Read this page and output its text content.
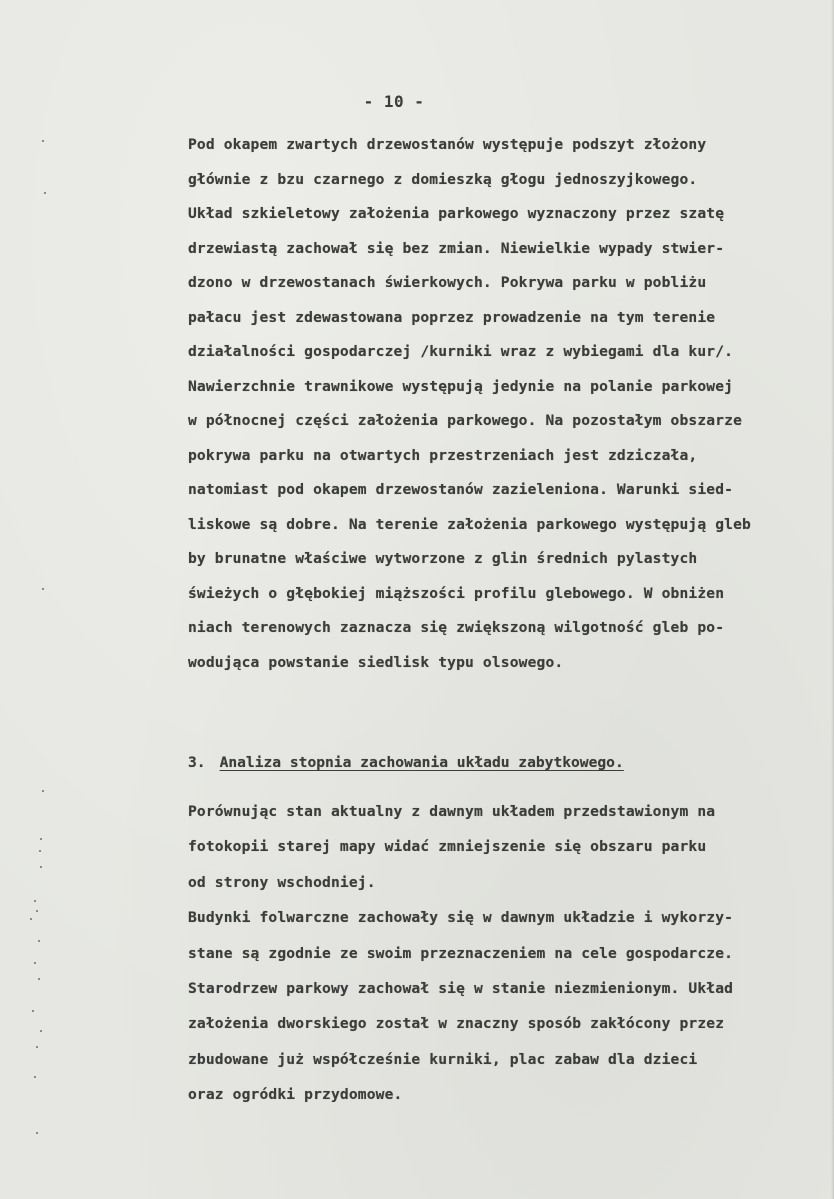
- 10 -
Pod okapem zwartych drzewostanów występuje podszyt złożony
głównie z bzu czarnego z domieszką głogu jednoszyjkowego.
Układ szkieletowy założenia parkowego wyznaczony przez szatę
drzewiastą zachował się bez zmian. Niewielkie wypady stwier-
dzono w drzewostanach świerkowych. Pokrywa parku w pobliżu
pałacu jest zdewastowana poprzez prowadzenie na tym terenie
działalności gospodarczej /kurniki wraz z wybiegami dla kur/.
Nawierzchnie trawnikowe występują jedynie na polanie parkowej
w północnej części założenia parkowego. Na pozostałym obszarze
pokrywa parku na otwartych przestrzeniach jest zdziczała,
natomiast pod okapem drzewostanów zazieleniona. Warunki sied-
liskowe są dobre. Na terenie założenia parkowego występują gleb
by brunatne właściwe wytworzone z glin średnich pylastych
świeżych o głębokiej miąższości profilu glebowego. W obniżen
niach terenowych zaznacza się zwiększoną wilgotność gleb po-
wodująca powstanie siedlisk typu olsowego.
3. Analiza stopnia zachowania układu zabytkowego.
Porównując stan aktualny z dawnym układem przedstawionym na
fotokopii starej mapy widać zmniejszenie się obszaru parku
od strony wschodniej.
Budynki folwarczne zachowały się w dawnym układzie i wykorzy-
stane są zgodnie ze swoim przeznaczeniem na cele gospodarcze.
Starodrzew parkowy zachował się w stanie niezmienionym. Układ
założenia dworskiego został w znaczny sposób zakłócony przez
zbudowane już współcześnie kurniki, plac zabaw dla dzieci
oraz ogródki przydomowe.
